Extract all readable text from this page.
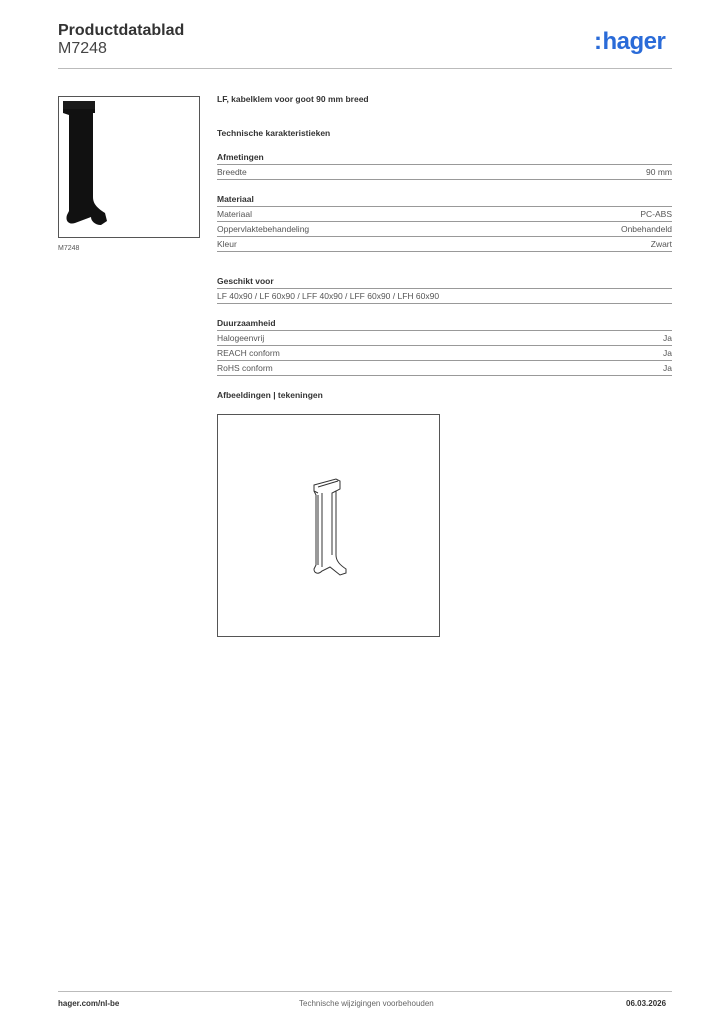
Productdatablad
M7248	:hager
M7248
LF, kabelklem voor goot 90 mm breed
Technische karakteristieken
Afmetingen
Breedte	90 mm
Materiaal
Materiaal	PC-ABS
Oppervlaktebehandeling	Onbehandeld
Kleur	Zwart
Geschikt voor
LF 40x90 / LF 60x90 / LFF 40x90 / LFF 60x90 / LFH 60x90
Duurzaamheid
Halogeenvrij	Ja
REACH conform	Ja
RoHS conform	Ja
Afbeeldingen | tekeningen
hager.com/nl-be	Technische wijzigingen voorbehouden	06.03.2026
